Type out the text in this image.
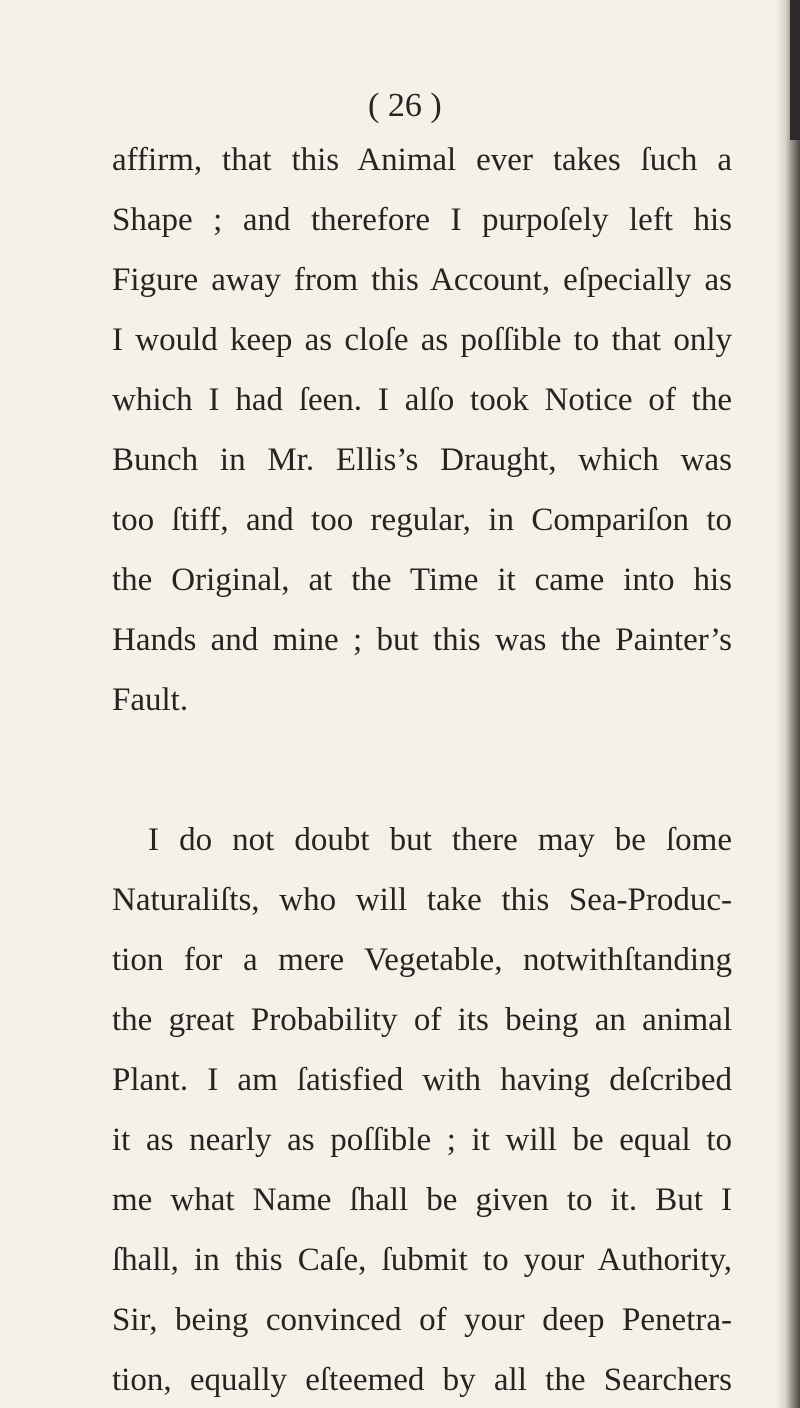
( 26 )
affirm, that this Animal ever takes ſuch a
Shape ; and therefore I purpoſely left his
Figure away from this Account, eſpecially as
I would keep as cloſe as poſſible to that only
which I had ſeen. I alſo took Notice of the
Bunch in Mr. Ellis’s Draught, which was
too ſtiff, and too regular, in Compariſon to
the Original, at the Time it came into his
Hands and mine ; but this was the Painter’s
Fault.
I do not doubt but there may be ſome
Naturaliſts, who will take this Sea-Produc-
tion for a mere Vegetable, notwithſtanding
the great Probability of its being an animal
Plant. I am ſatisfied with having deſcribed
it as nearly as poſſible ; it will be equal to
me what Name ſhall be given to it. But I
ſhall, in this Caſe, ſubmit to your Authority,
Sir, being convinced of your deep Penetra-
tion, equally eſteemed by all the Searchers
